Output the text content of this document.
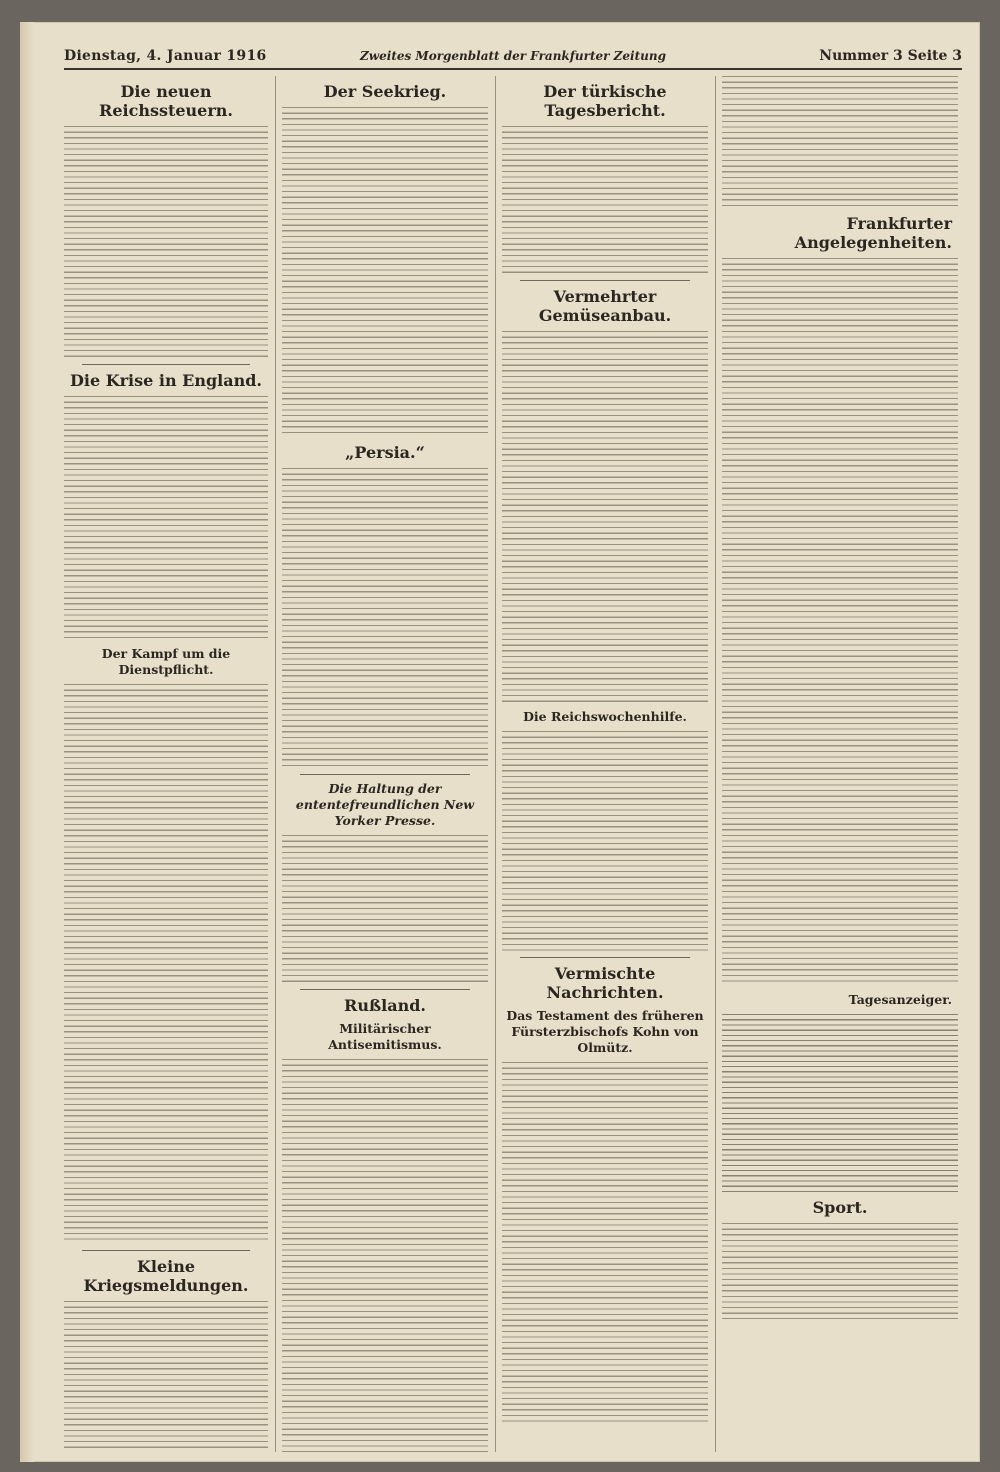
Dienstag, 4. Januar 1916	Zweites Morgenblatt der Frankfurter Zeitung	Nummer 3 Seite 3
Die neuen Reichssteuern.
Die Krise in England.
Der Kampf um die Dienstpflicht.
Kleine Kriegsmeldungen.
Der Seekrieg.
„Persia.“
Die Haltung der ententefreundlichen New Yorker Presse.
Rußland.
Militärischer Antisemitismus.
Der türkische Tagesbericht.
Vermehrter Gemüseanbau.
Die Reichswochenhilfe.
Vermischte Nachrichten.
Das Testament des früheren Fürsterzbischofs Kohn von Olmütz.
Frankfurter Angelegenheiten.
Tagesanzeiger.
Sport.
